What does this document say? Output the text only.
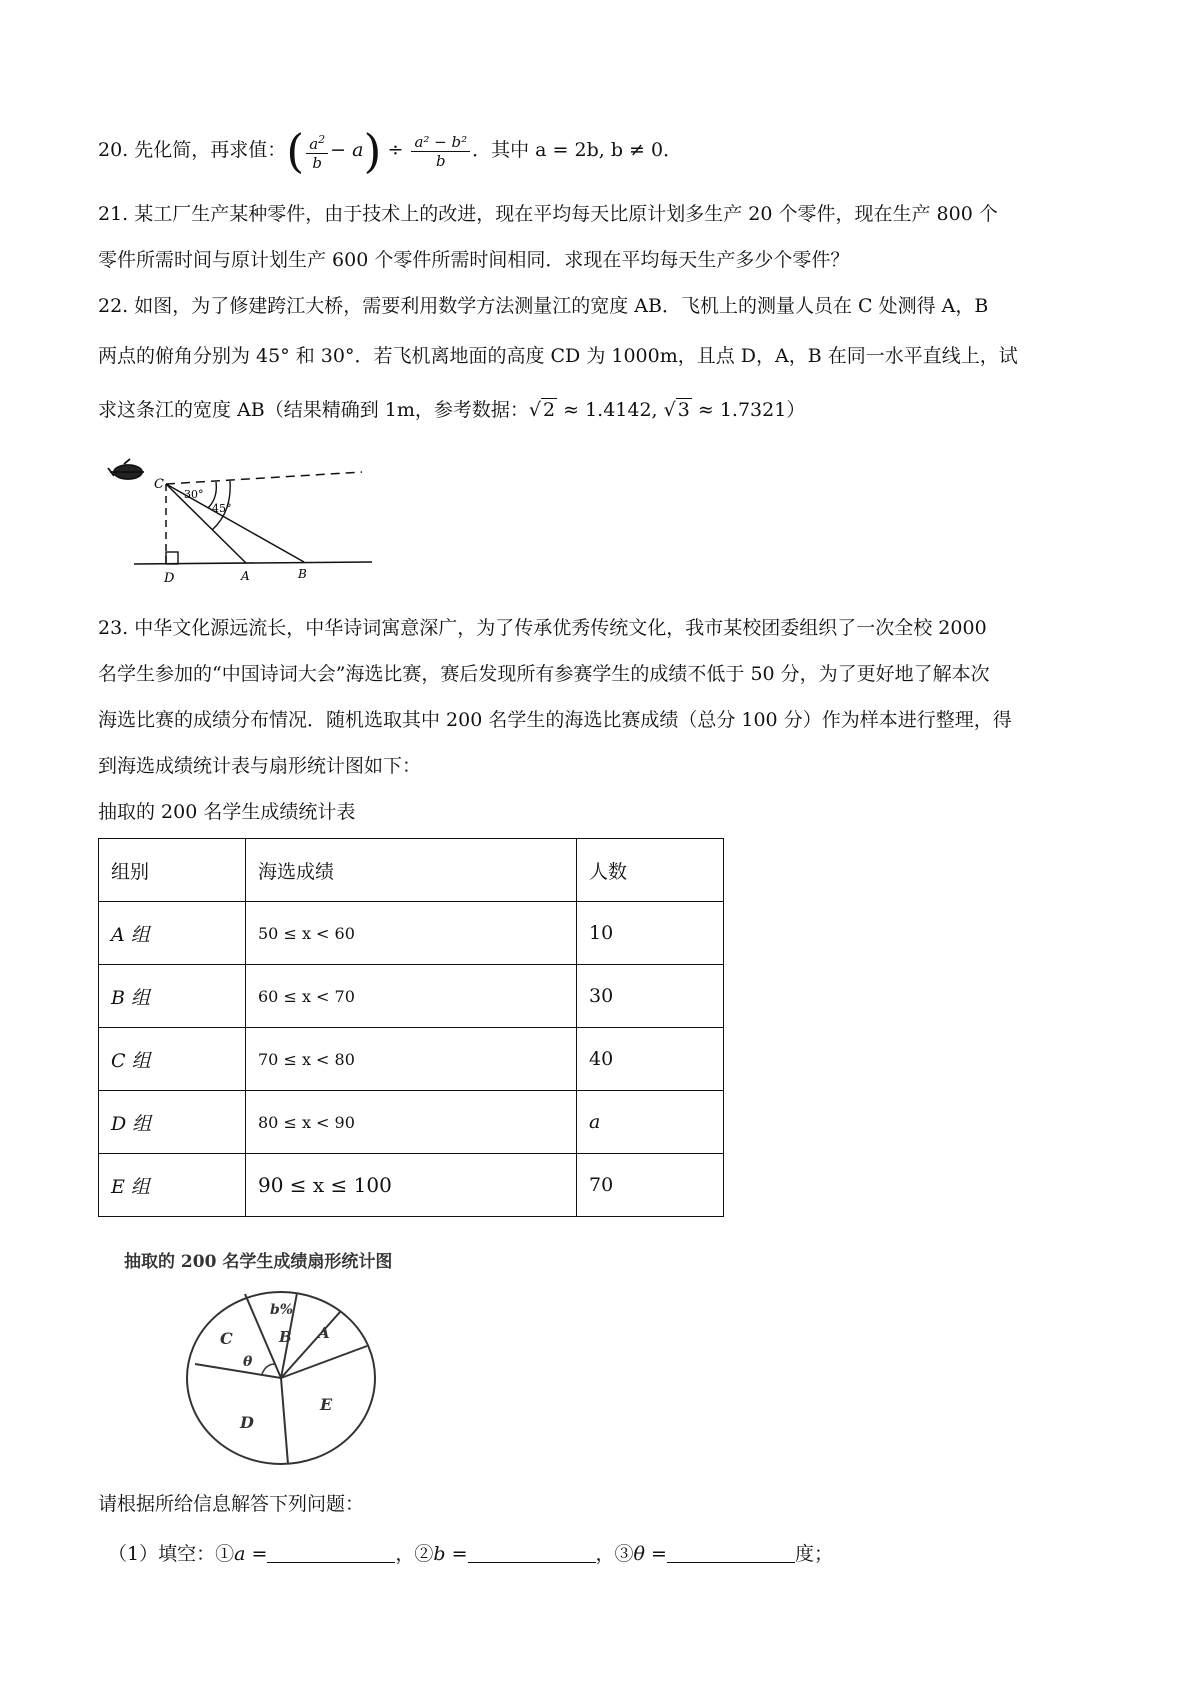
20. 先化简，再求值：( $\frac{a^2}{b} - a) \div \frac{\text{a² − b²}}{b}$ ．其中 a = 2b, b ≠ 0．
21. 某工厂生产某种零件，由于技术上的改进，现在平均每天比原计划多生产 20 个零件，现在生产 800 个
零件所需时间与原计划生产 600 个零件所需时间相同．求现在平均每天生产多少个零件？
22. 如图，为了修建跨江大桥，需要利用数学方法测量江的宽度 AB．飞机上的测量人员在 C 处测得 A，B
两点的俯角分别为 45° 和 30°．若飞机离地面的高度 CD 为 1000m，且点 D，A，B 在同一水平直线上，试
求这条江的宽度 AB（结果精确到 1m，参考数据：√ 2 ≈ 1.4142, √ 3 ≈ 1.7321）
C
D	A	B
30°
45°
23. 中华文化源远流长，中华诗词寓意深广，为了传承优秀传统文化，我市某校团委组织了一次全校 2000
名学生参加的“中国诗词大会”海选比赛，赛后发现所有参赛学生的成绩不低于 50 分，为了更好地了解本次
海选比赛的成绩分布情况．随机选取其中 200 名学生的海选比赛成绩（总分 100 分）作为样本进行整理，得
到海选成绩统计表与扇形统计图如下：
抽取的 200 名学生成绩统计表
组别	海选成绩	人数
A 组	50 ≤ x < 60	10
B 组	60 ≤ x < 70	30
C 组	70 ≤ x < 80	40
D 组	80 ≤ x < 90	a
E 组	90 ≤ x ≤ 100	70
抽取的 200 名学生成绩扇形统计图
b%
B A
C
θ
D
E
请根据所给信息解答下列问题：
（1）填空：①a =	，②b =	，③θ =	度；
